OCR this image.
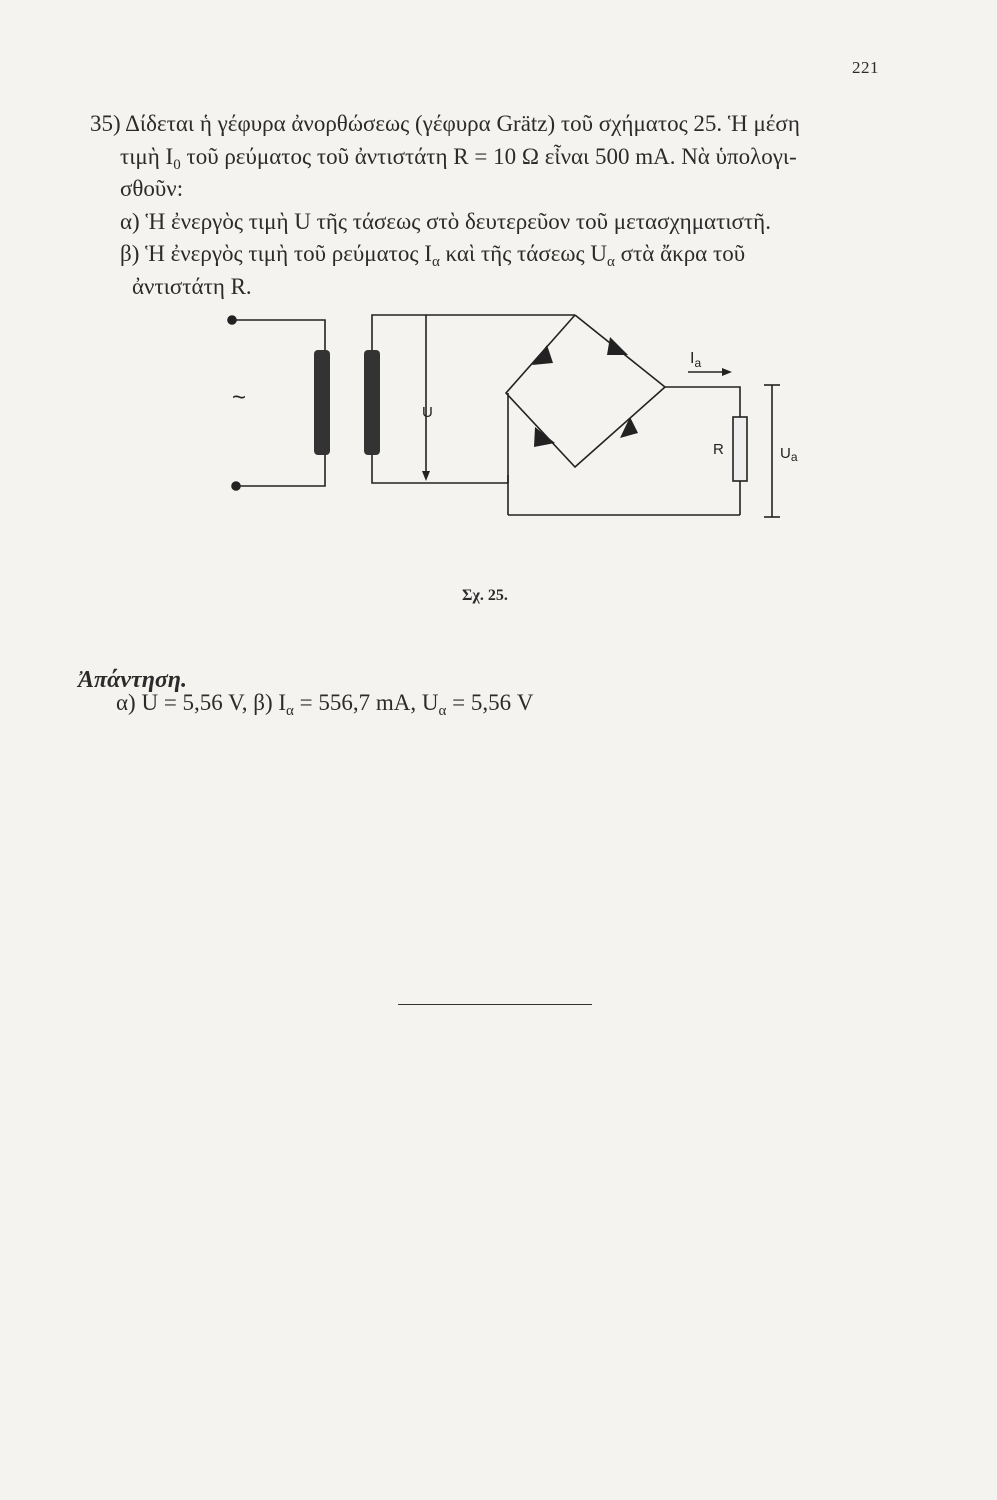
221

35) Δίδεται ἡ γέφυρα ἀνορθώσεως (γέφυρα Grätz) τοῦ σχήματος 25. Ἡ μέση

τιμὴ $I_0$ τοῦ ρεύματος τοῦ ἀντιστάτη R = 10 Ω εἶναι 500 mA. Νὰ ὑπολογι-

σθοῦν:

α) Ἡ ἐνεργὸς τιμὴ U τῆς τάσεως στὸ δευτερεῦον τοῦ μετασχηματιστῆ.

β) Ἡ ἐνεργὸς τιμὴ τοῦ ρεύματος $I_\alpha$ καὶ τῆς τάσεως $U_\alpha$ στὰ ἄκρα τοῦ

ἀντιστάτη R.

~
U
$I_a$
R	$U_a$
Σχ. 25.
Ἀπάντηση.
α) U = 5,56 V, β) $I_\alpha = 556,7$ mA, $U_\alpha = 5,56$ V
